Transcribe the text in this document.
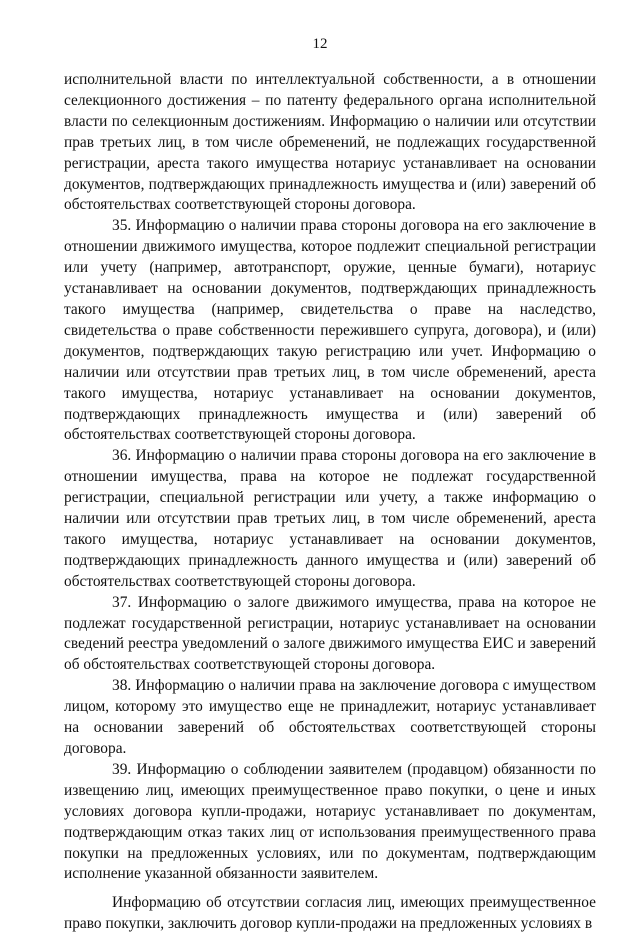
12

исполнительной власти по интеллектуальной собственности, а в отношении селекционного достижения – по патенту федерального органа исполнительной власти по селекционным достижениям. Информацию о наличии или отсутствии прав третьих лиц, в том числе обременений, не подлежащих государственной регистрации, ареста такого имущества нотариус устанавливает на основании документов, подтверждающих принадлежность имущества и (или) заверений об обстоятельствах соответствующей стороны договора.

35. Информацию о наличии права стороны договора на его заключение в отношении движимого имущества, которое подлежит специальной регистрации или учету (например, автотранспорт, оружие, ценные бумаги), нотариус устанавливает на основании документов, подтверждающих принадлежность такого имущества (например, свидетельства о праве на наследство, свидетельства о праве собственности пережившего супруга, договора), и (или) документов, подтверждающих такую регистрацию или учет. Информацию о наличии или отсутствии прав третьих лиц, в том числе обременений, ареста такого имущества, нотариус устанавливает на основании документов, подтверждающих принадлежность имущества и (или) заверений об обстоятельствах соответствующей стороны договора.

36. Информацию о наличии права стороны договора на его заключение в отношении имущества, права на которое не подлежат государственной регистрации, специальной регистрации или учету, а также информацию о наличии или отсутствии прав третьих лиц, в том числе обременений, ареста такого имущества, нотариус устанавливает на основании документов, подтверждающих принадлежность данного имущества и (или) заверений об обстоятельствах соответствующей стороны договора.

37. Информацию о залоге движимого имущества, права на которое не подлежат государственной регистрации, нотариус устанавливает на основании сведений реестра уведомлений о залоге движимого имущества ЕИС и заверений об обстоятельствах соответствующей стороны договора.

38. Информацию о наличии права на заключение договора с имуществом лицом, которому это имущество еще не принадлежит, нотариус устанавливает на основании заверений об обстоятельствах соответствующей стороны договора.

39. Информацию о соблюдении заявителем (продавцом) обязанности по извещению лиц, имеющих преимущественное право покупки, о цене и иных условиях договора купли-продажи, нотариус устанавливает по документам, подтверждающим отказ таких лиц от использования преимущественного права покупки на предложенных условиях, или по документам, подтверждающим исполнение указанной обязанности заявителем.

Информацию об отсутствии согласия лиц, имеющих преимущественное право покупки, заключить договор купли-продажи на предложенных условиях в
